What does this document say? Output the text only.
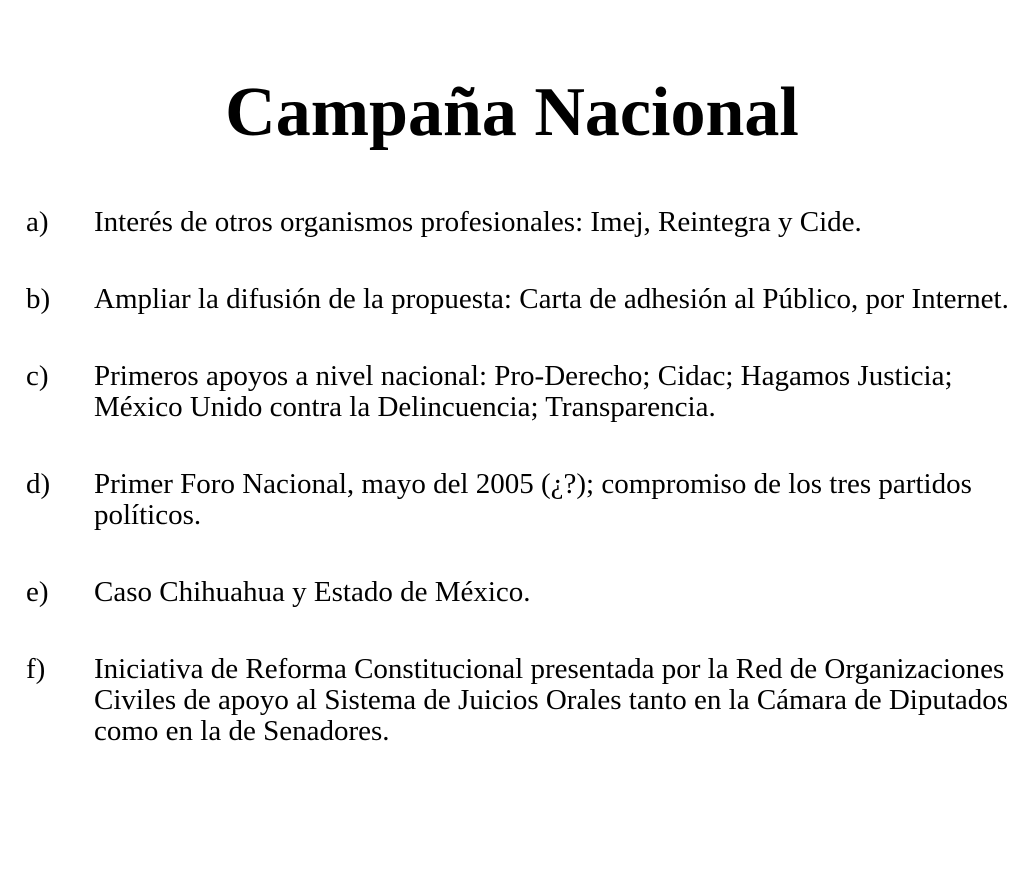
Campaña Nacional
a) Interés de otros organismos profesionales: Imej, Reintegra y Cide.
b) Ampliar la difusión de la propuesta: Carta de adhesión al Público, por Internet.
c) Primeros apoyos a nivel nacional: Pro-Derecho; Cidac; Hagamos Justicia; México Unido contra la Delincuencia; Transparencia.
d) Primer Foro Nacional, mayo del 2005 (¿?); compromiso de los tres partidos políticos.
e) Caso Chihuahua y Estado de México.
f) Iniciativa de Reforma Constitucional presentada por la Red de Organizaciones Civiles de apoyo al Sistema de Juicios Orales tanto en la Cámara de Diputados como en la de Senadores.
